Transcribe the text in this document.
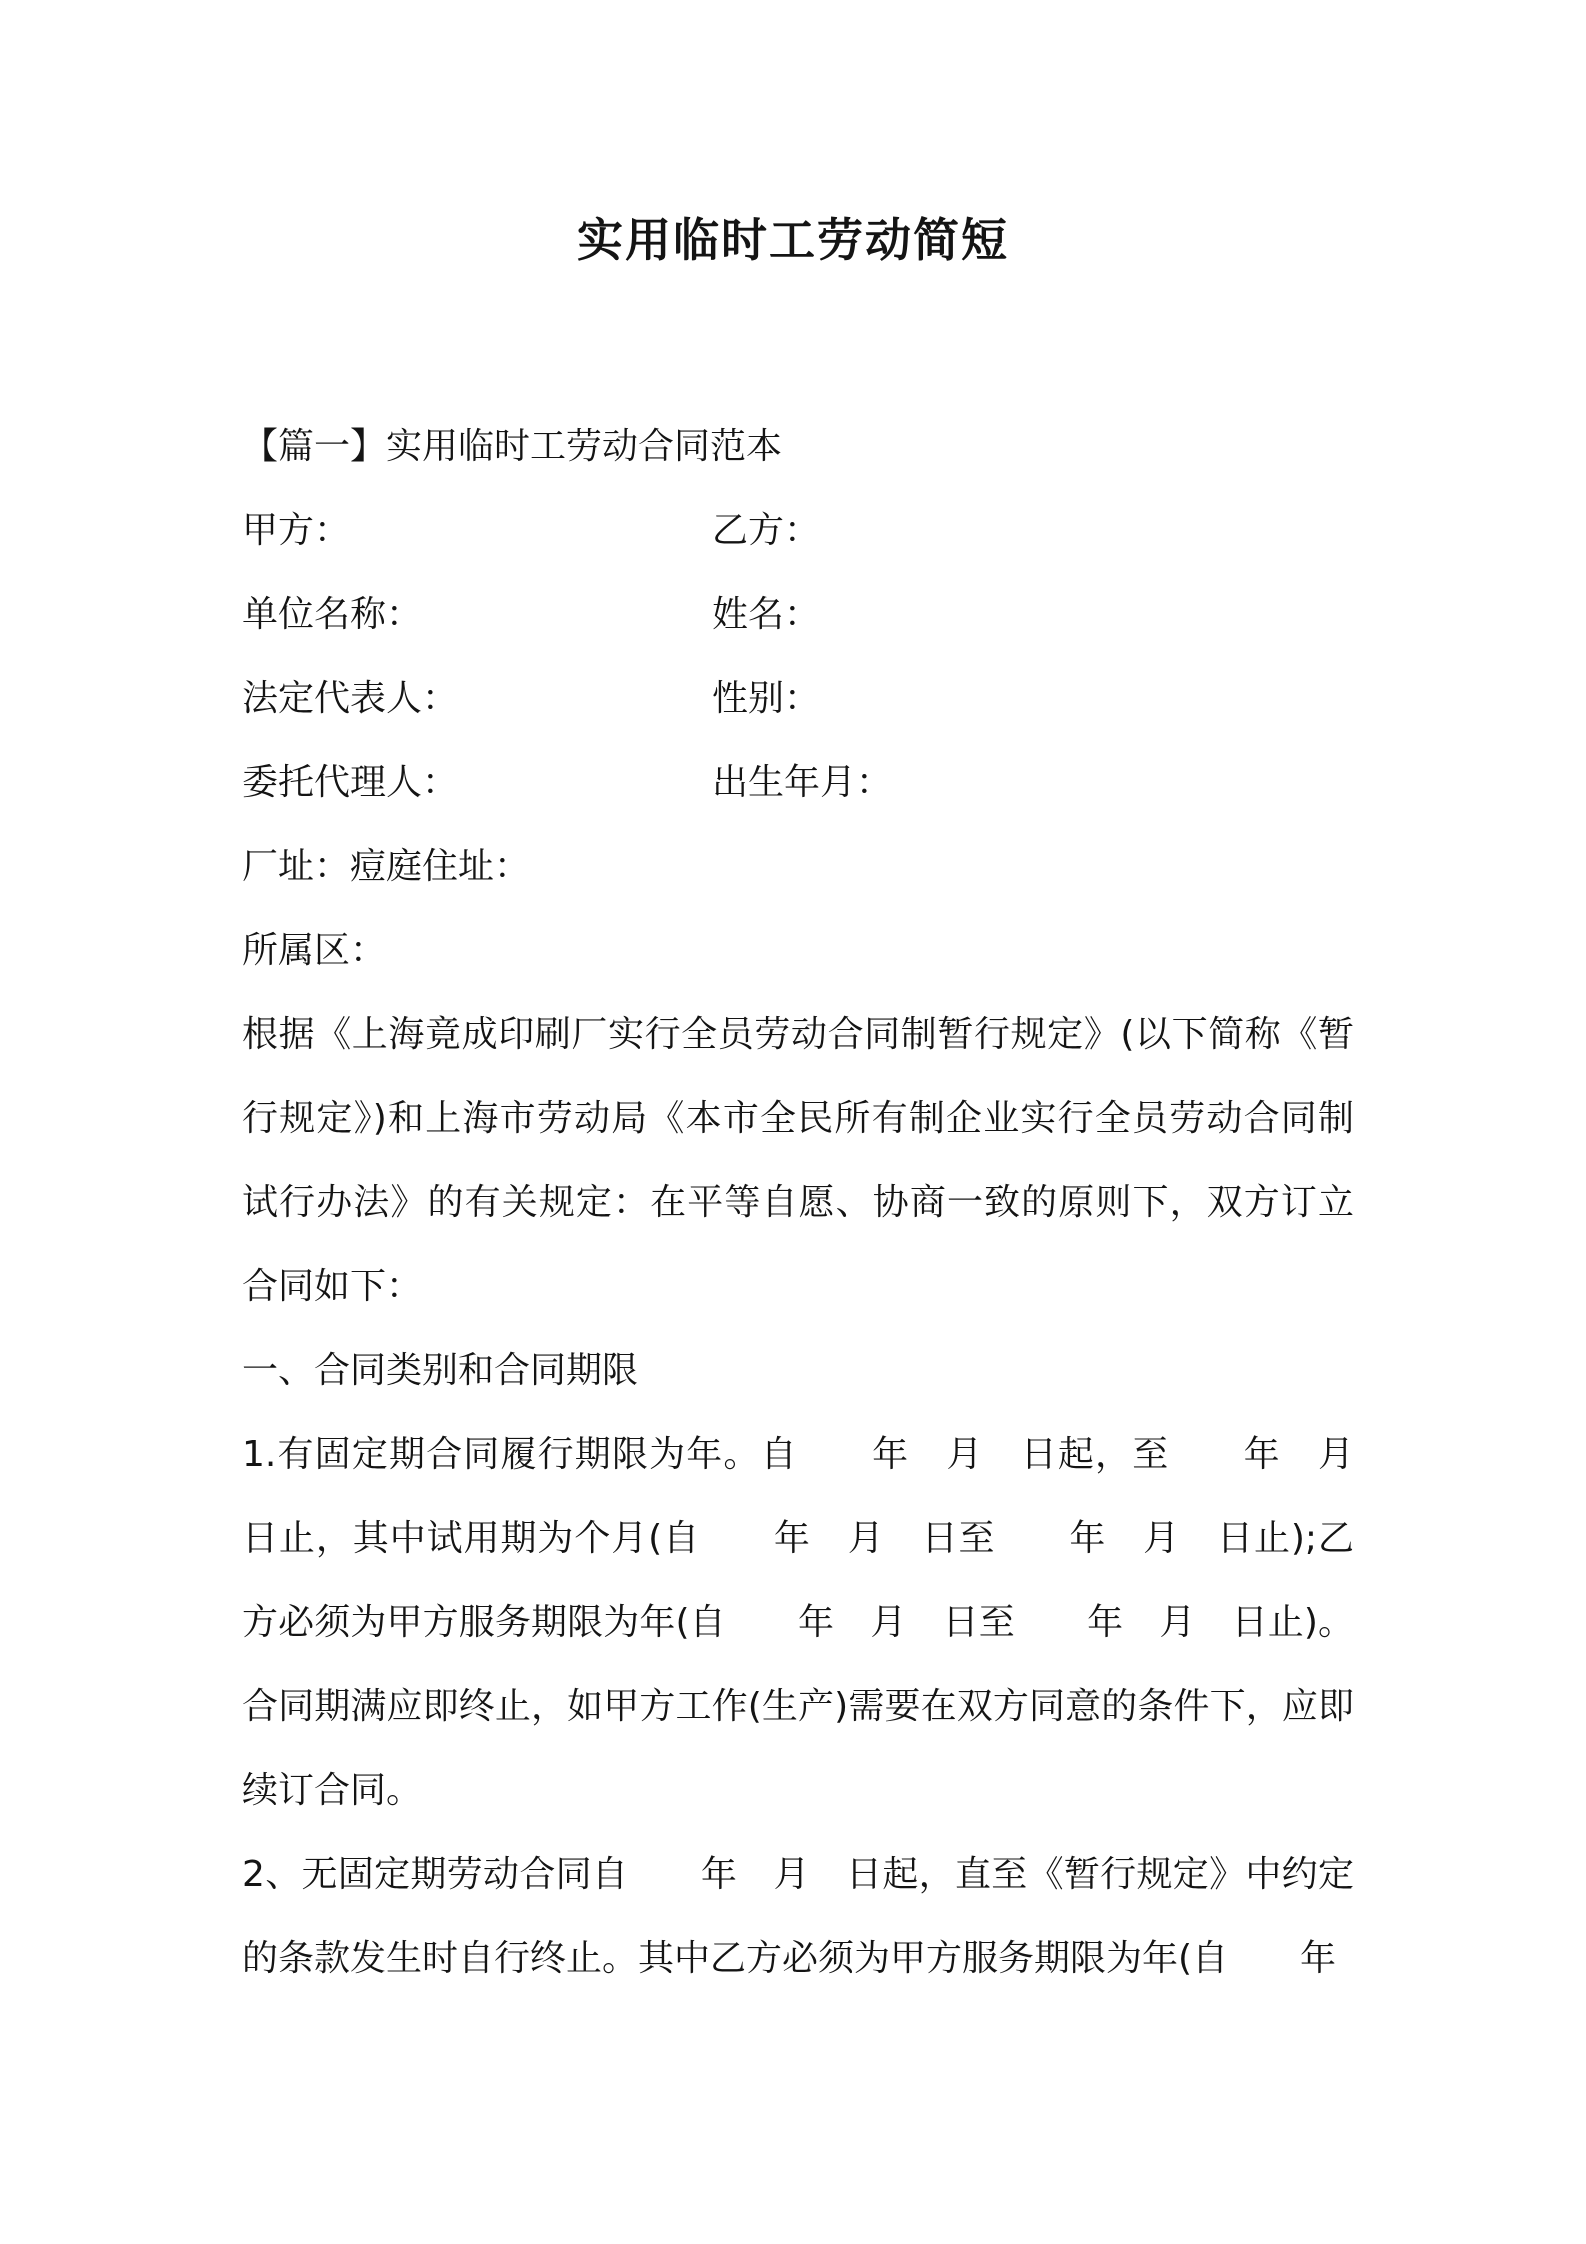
实用临时工劳动简短
【篇一】实用临时工劳动合同范本
甲方：	乙方：
单位名称：	姓名：
法定代表人：	性别：
委托代理人：	出生年月：
厂址：痘庭住址：
所属区：
根据《上海竟成印刷厂实行全员劳动合同制暂行规定》(以下简称《暂行规定》)和上海市劳动局《本市全民所有制企业实行全员劳动合同制试行办法》的有关规定：在平等自愿、协商一致的原则下，双方订立合同如下：
一、合同类别和合同期限
1.有固定期合同履行期限为年。自　　年　月　日起，至　　年　月日止，其中试用期为个月(自　　年　月　日至　　年　月　日止);乙方必须为甲方服务期限为年(自　　年　月　日至　　年　月　日止)。合同期满应即终止，如甲方工作(生产)需要在双方同意的条件下，应即续订合同。
2、无固定期劳动合同自　　年　月　日起，直至《暂行规定》中约定的条款发生时自行终止。其中乙方必须为甲方服务期限为年(自　　年
